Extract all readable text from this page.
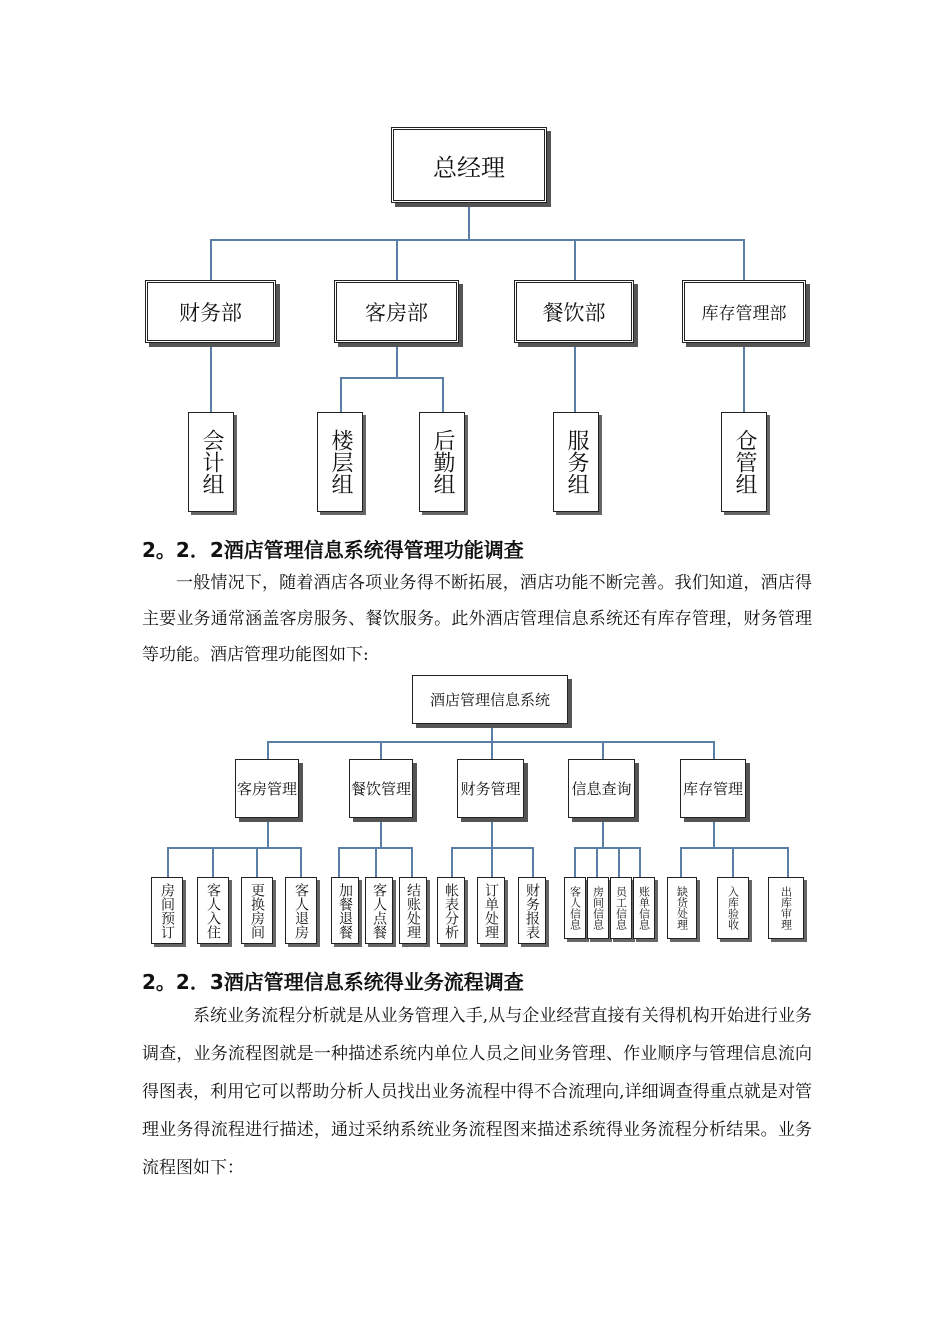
总经理
财务部	客房部	餐饮部	库存管理部
会计组	楼层组	后勤组	服务组	仓管组
2。2．2酒店管理信息系统得管理功能调查

一般情况下，随着酒店各项业务得不断拓展，酒店功能不断完善。我们知道，酒店得主要业务通常涵盖客房服务、餐饮服务。此外酒店管理信息系统还有库存管理，财务管理等功能。酒店管理功能图如下:

酒店管理信息系统
客房管理	餐饮管理	财务管理	信息查询	库存管理
房间预订 客人入住 更换房间 客人退房 加餐退餐 客人点餐 结账处理 帐表分析 订单处理 财务报表	客人信息 房间信息 员工信息 账单信息 缺货处理	入库验收	出库审理
2。2．3酒店管理信息系统得业务流程调查

系统业务流程分析就是从业务管理入手,从与企业经营直接有关得机构开始进行业务调查，业务流程图就是一种描述系统内单位人员之间业务管理、作业顺序与管理信息流向得图表，利用它可以帮助分析人员找出业务流程中得不合流理向,详细调查得重点就是对管理业务得流程进行描述，通过采纳系统业务流程图来描述系统得业务流程分析结果。业务流程图如下：
